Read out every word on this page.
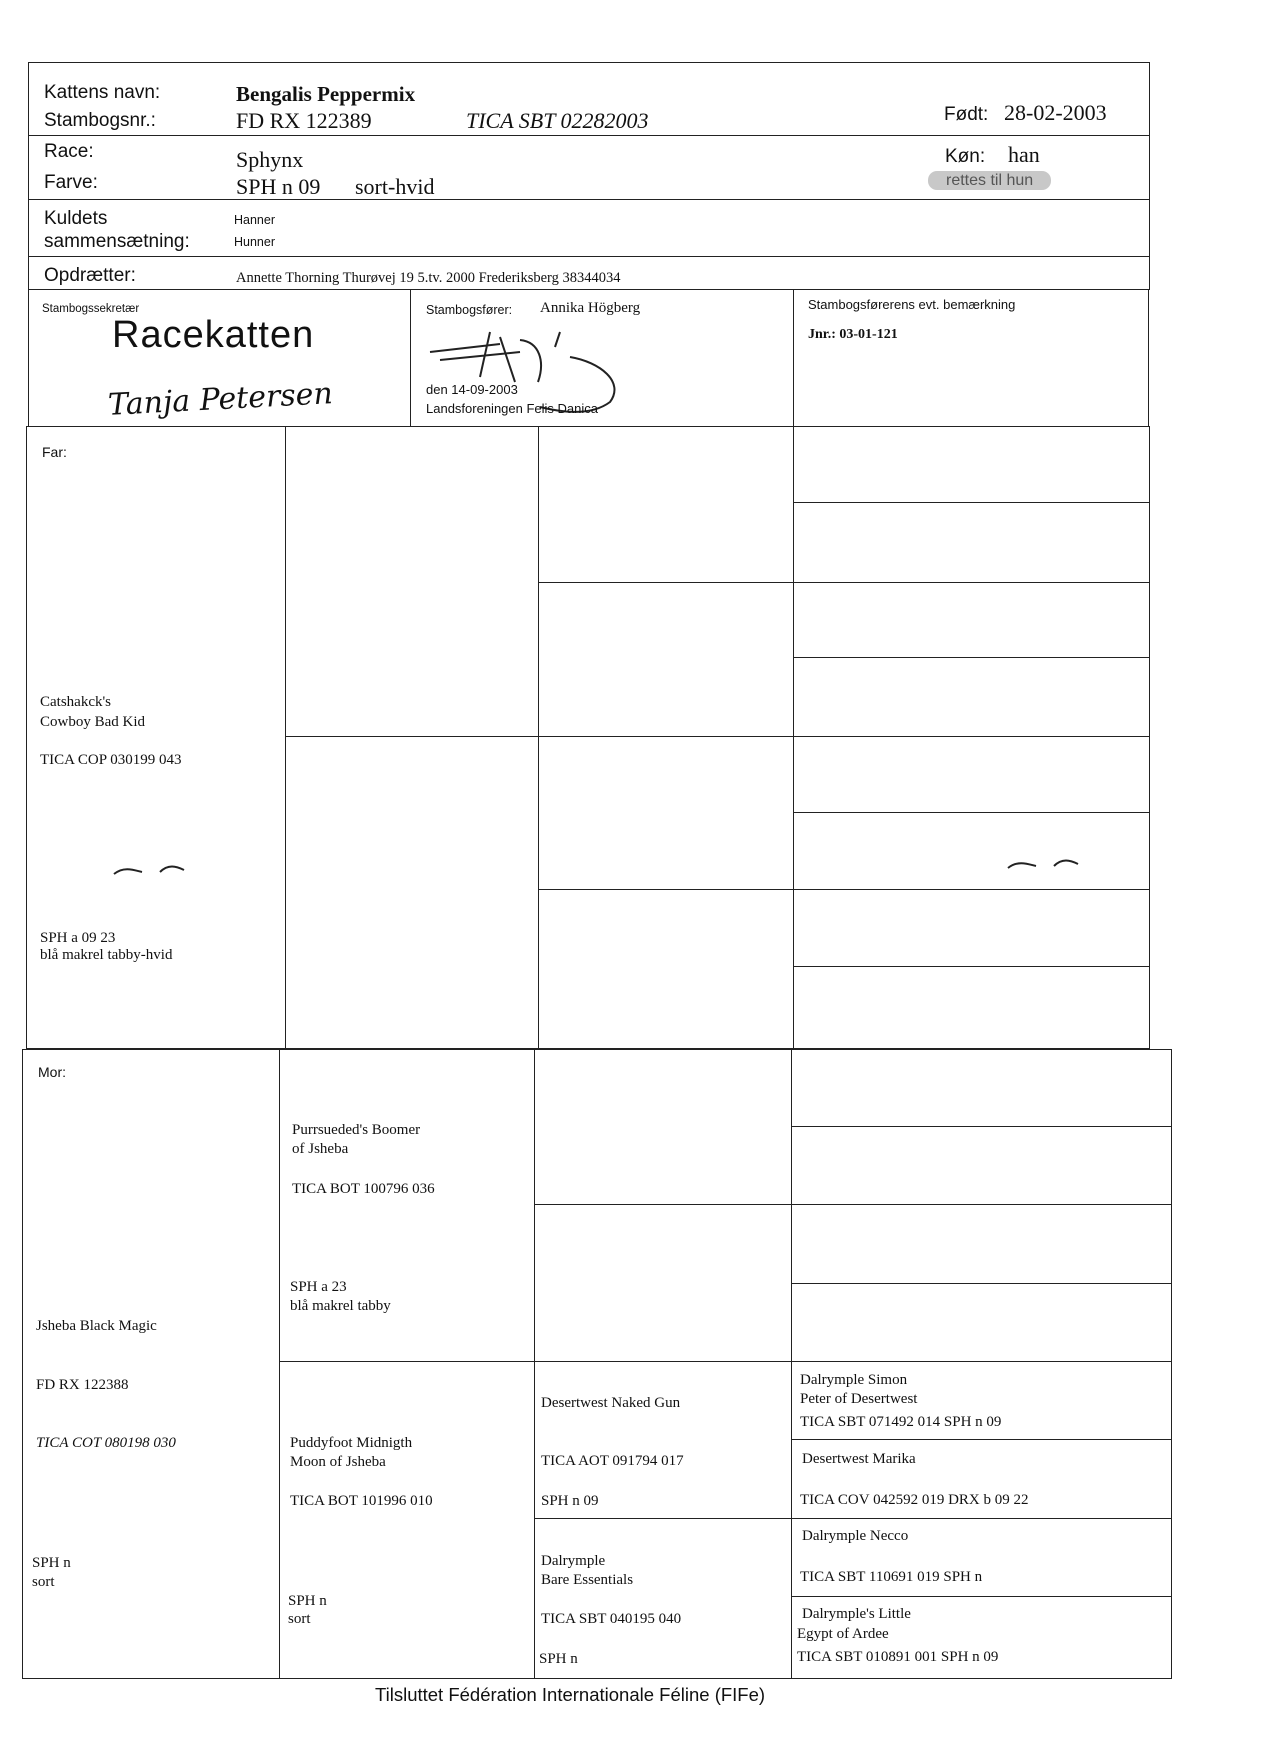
Kattens navn:	Bengalis Peppermix
Stambogsnr.:	FD RX 122389	TICA SBT 02282003	Født: 28-02-2003
Race:	Sphynx
Farve:	SPH n 09 sort-hvid
Køn: han
rettes til hun
Kuldets
sammensætning:
Hanner
Hunner
Opdrætter:	Annette Thorning Thurøvej 19 5.tv. 2000 Frederiksberg 38344034
Stambogssekretær
Racekatten
Tanja Petersen
Stambogsfører: Annika Högberg
den 14-09-2003
Landsforeningen Felis Danica
Stambogsførerens evt. bemærkning
Jnr.: 03-01-121
Far:
Catshakck's
Cowboy Bad Kid
TICA COP 030199 043
SPH a 09 23
blå makrel tabby-hvid
Mor:
Jsheba Black Magic
FD RX 122388
TICA COT 080198 030
SPH n
sort
Purrsueded's Boomer
of Jsheba
TICA BOT 100796 036
SPH a 23
blå makrel tabby
Puddyfoot Midnigth
Moon of Jsheba
TICA BOT 101996 010
SPH n
sort
Desertwest Naked Gun
TICA AOT 091794 017
SPH n 09
Dalrymple
Bare Essentials
TICA SBT 040195 040
SPH n
Dalrymple Simon
Peter of Desertwest
TICA SBT 071492 014 SPH n 09
Desertwest Marika
TICA COV 042592 019 DRX b 09 22
Dalrymple Necco
TICA SBT 110691 019 SPH n
Dalrymple's Little
Egypt of Ardee
TICA SBT 010891 001 SPH n 09
Tilsluttet Fédération Internationale Féline (FIFe)
